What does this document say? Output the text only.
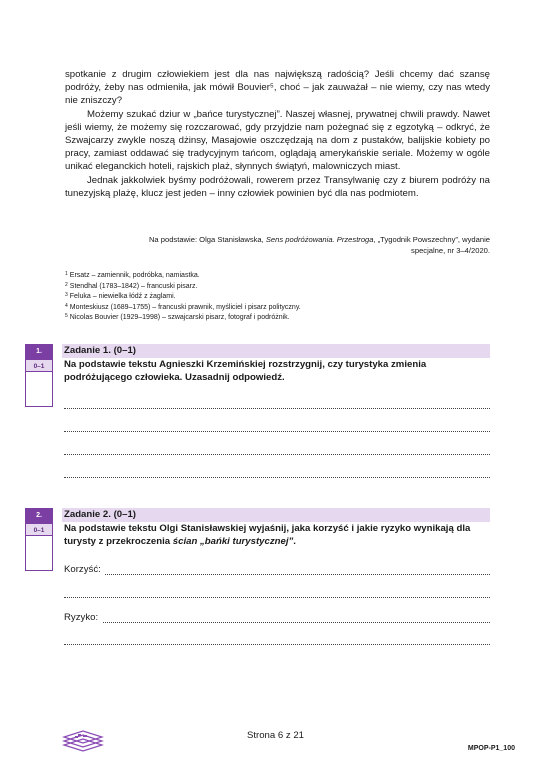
spotkanie z drugim człowiekiem jest dla nas największą radością? Jeśli chcemy dać szansę podróży, żeby nas odmieniła, jak mówił Bouvier⁵, choć – jak zauważał – nie wiemy, czy nas wtedy nie zniszczy?

Możemy szukać dziur w „bańce turystycznej”. Naszej własnej, prywatnej chwili prawdy. Nawet jeśli wiemy, że możemy się rozczarować, gdy przyjdzie nam pożegnać się z egzotyką – odkryć, że Szwajcarzy zwykle noszą dżinsy, Masajowie oszczędzają na dom z pustaków, balijskie kobiety po pracy, zamiast oddawać się tradycyjnym tańcom, oglądają amerykańskie seriale. Możemy w ogóle unikać eleganckich hoteli, rajskich plaż, słynnych świątyń, malowniczych miast.

Jednak jakkolwiek byśmy podróżowali, rowerem przez Transylwanię czy z biurem podróży na tunezyjską plażę, klucz jest jeden – inny człowiek powinien być dla nas podmiotem.

Na podstawie: Olga Stanisławska, Sens podróżowania. Przestroga, „Tygodnik Powszechny”, wydanie specjalne, nr 3–4/2020.
$^1$ Ersatz – zamiennik, podróbka, namiastka.
$^2$ Stendhal (1783–1842) – francuski pisarz.
$^3$ Feluka – niewielka łódź z żaglami.
$^4$ Monteskiusz (1689–1755) – francuski prawnik, myśliciel i pisarz polityczny.
$^5$ Nicolas Bouvier (1929–1998) – szwajcarski pisarz, fotograf i podróżnik.
1.
0–1
Zadanie 1. (0–1)
Na podstawie tekstu Agnieszki Krzemińskiej rozstrzygnij, czy turystyka zmienia podróżującego człowieka. Uzasadnij odpowiedź.
2.
0–1
Zadanie 2. (0–1)
Na podstawie tekstu Olgi Stanisławskiej wyjaśnij, jaka korzyść i jakie ryzyko wynikają dla turysty z przekroczenia ścian „bańki turystycznej”.
Korzyść:
Ryzyko:
Strona 6 z 21
MPOP-P1_100
